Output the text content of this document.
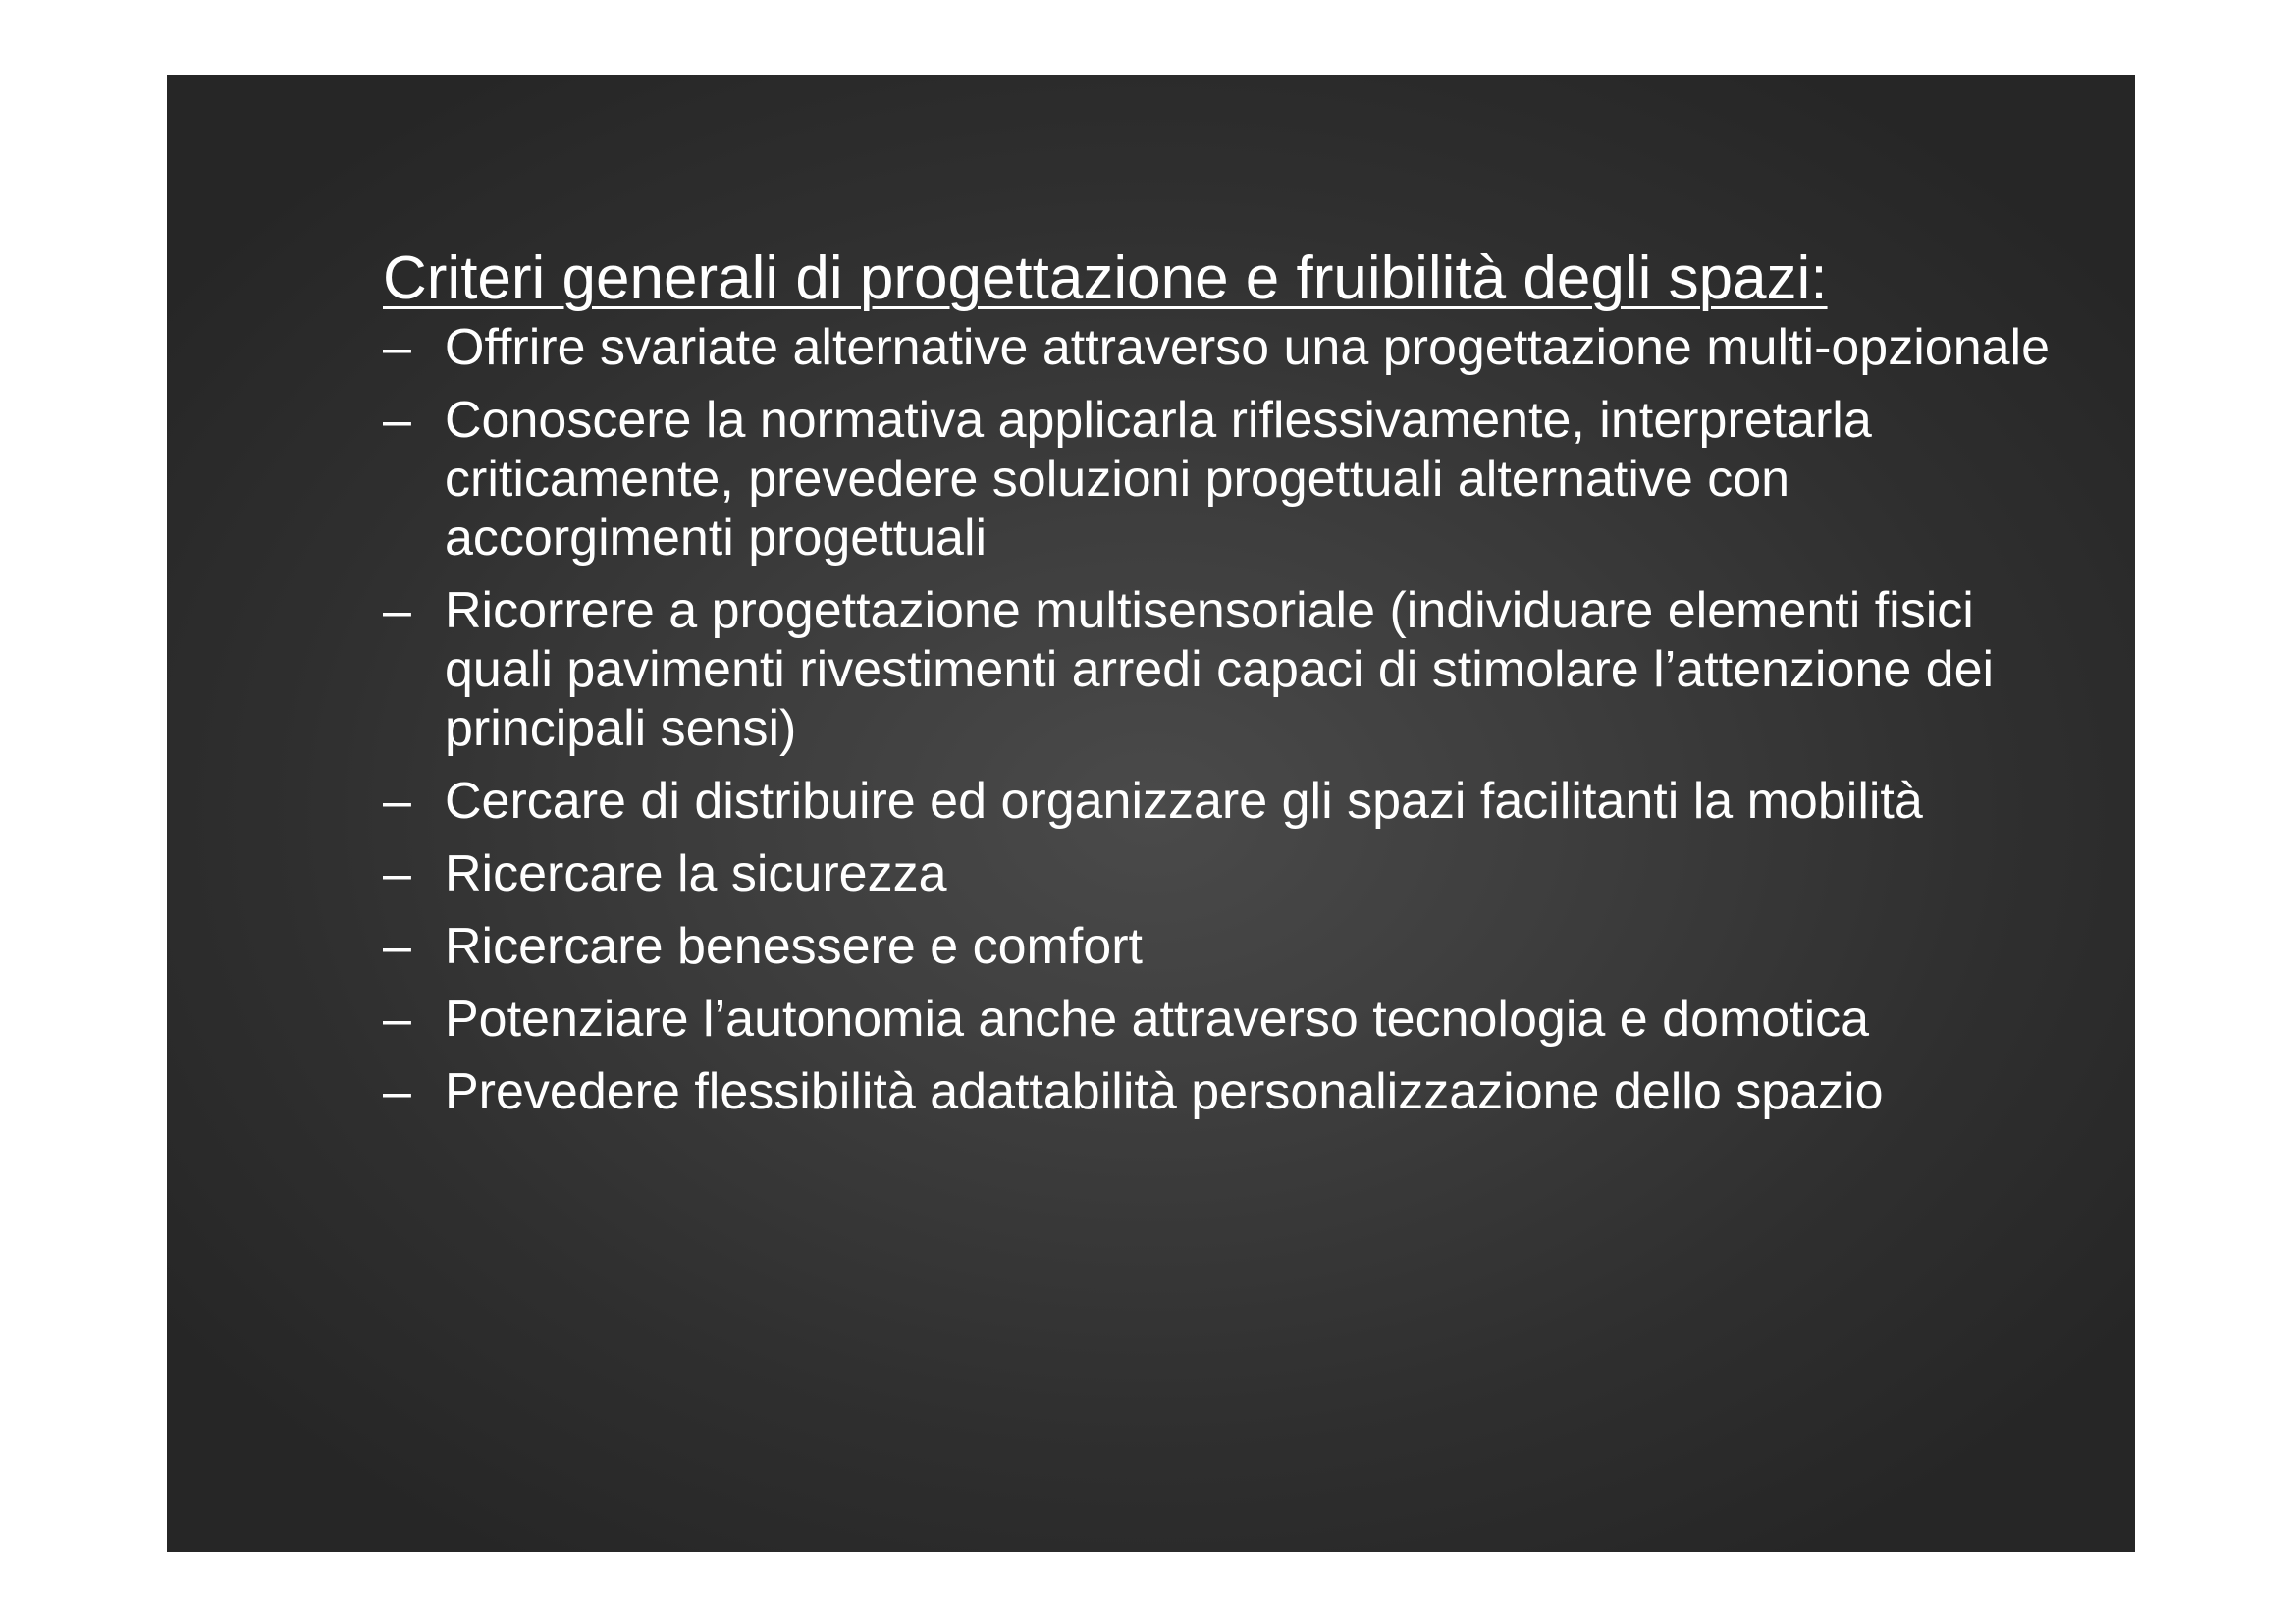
Criteri generali di progettazione e fruibilità degli spazi:
– Offrire svariate alternative attraverso una progettazione multi-opzionale
– Conoscere la normativa applicarla riflessivamente, interpretarla criticamente, prevedere soluzioni progettuali alternative con accorgimenti progettuali
– Ricorrere a progettazione multisensoriale (individuare elementi fisici quali pavimenti rivestimenti arredi capaci di stimolare l’attenzione dei principali sensi)
– Cercare di distribuire ed organizzare gli spazi facilitanti la mobilità
– Ricercare la sicurezza
– Ricercare benessere e comfort
– Potenziare l’autonomia anche attraverso tecnologia e domotica
– Prevedere flessibilità adattabilità personalizzazione dello spazio
